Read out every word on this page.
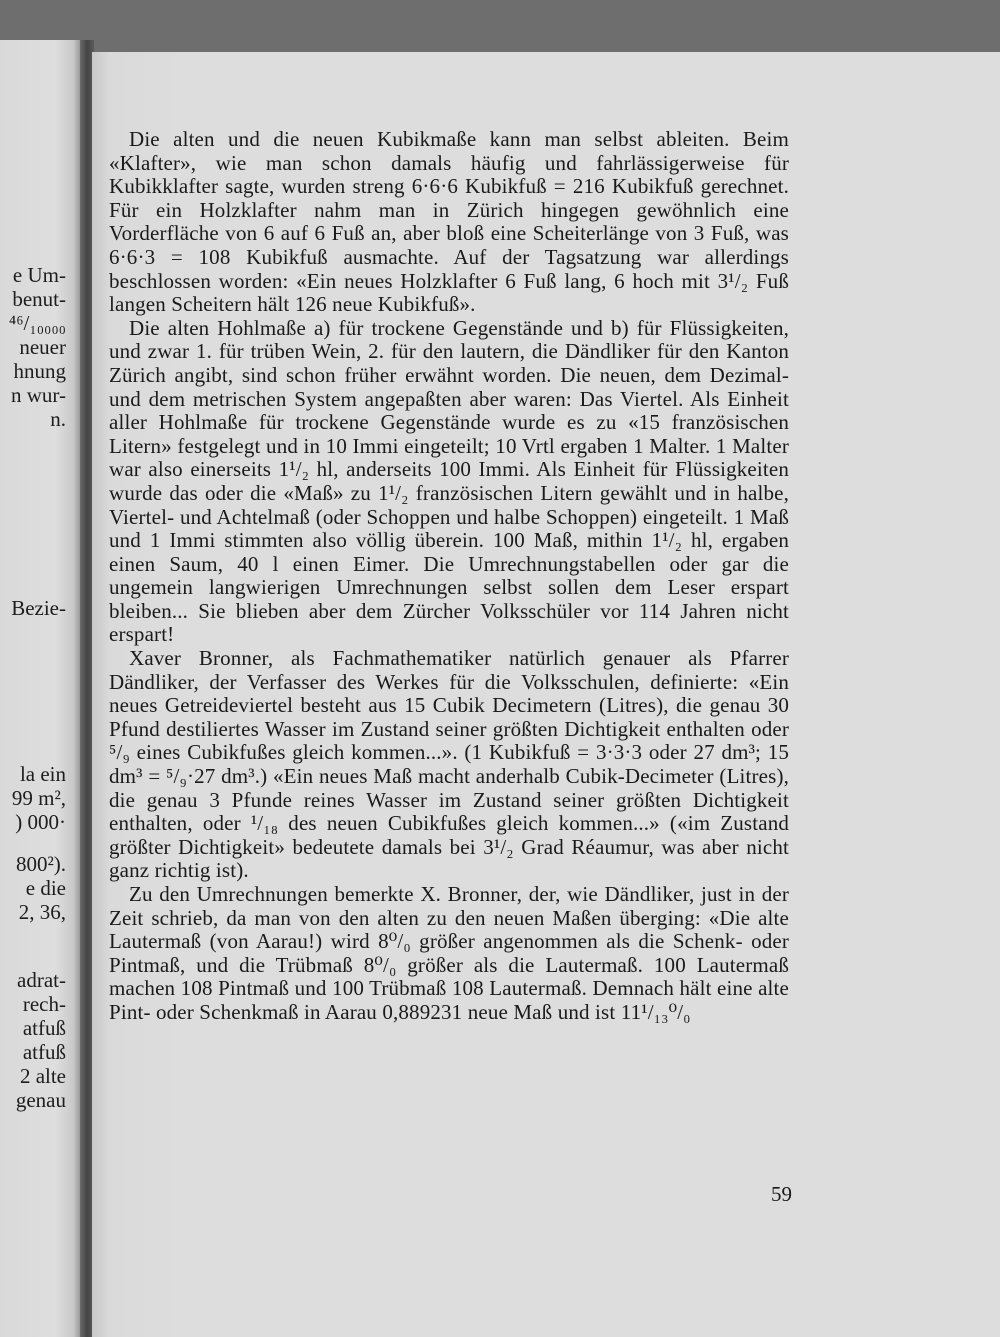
e Um-
benut-
⁴⁶/₁₀₀₀₀
neuer
hnung
n wur-
n.
Bezie-
la ein
99 m²,
) 000·
800²).
e die
2, 36,
adrat-
rech-
atfuß
atfuß
2 alte
genau

Die alten und die neuen Kubikmaße kann man selbst ableiten. Beim «Klafter», wie man schon damals häufig und fahrlässigerweise für Kubikklafter sagte, wurden streng 6·6·6 Kubikfuß = 216 Kubikfuß gerechnet. Für ein Holzklafter nahm man in Zürich hingegen gewöhnlich eine Vorderfläche von 6 auf 6 Fuß an, aber bloß eine Scheiterlänge von 3 Fuß, was 6·6·3 = 108 Kubikfuß ausmachte. Auf der Tagsatzung war allerdings beschlossen worden: «Ein neues Holzklafter 6 Fuß lang, 6 hoch mit 3¹/₂ Fuß langen Scheitern hält 126 neue Kubikfuß».

Die alten Hohlmaße a) für trockene Gegenstände und b) für Flüssigkeiten, und zwar 1. für trüben Wein, 2. für den lautern, die Dändliker für den Kanton Zürich angibt, sind schon früher erwähnt worden. Die neuen, dem Dezimal- und dem metrischen System angepaßten aber waren: Das Viertel. Als Einheit aller Hohlmaße für trockene Gegenstände wurde es zu «15 französischen Litern» festgelegt und in 10 Immi eingeteilt; 10 Vrtl ergaben 1 Malter. 1 Malter war also einerseits 1¹/₂ hl, anderseits 100 Immi. Als Einheit für Flüssigkeiten wurde das oder die «Maß» zu 1¹/₂ französischen Litern gewählt und in halbe, Viertel- und Achtelmaß (oder Schoppen und halbe Schoppen) eingeteilt. 1 Maß und 1 Immi stimmten also völlig überein. 100 Maß, mithin 1¹/₂ hl, ergaben einen Saum, 40 l einen Eimer. Die Umrechnungstabellen oder gar die ungemein langwierigen Umrechnungen selbst sollen dem Leser erspart bleiben... Sie blieben aber dem Zürcher Volksschüler vor 114 Jahren nicht erspart!

Xaver Bronner, als Fachmathematiker natürlich genauer als Pfarrer Dändliker, der Verfasser des Werkes für die Volksschulen, definierte: «Ein neues Getreideviertel besteht aus 15 Cubik Decimetern (Litres), die genau 30 Pfund destiliertes Wasser im Zustand seiner größten Dichtigkeit enthalten oder ⁵/₉ eines Cubikfußes gleich kommen...». (1 Kubikfuß = 3·3·3 oder 27 dm³; 15 dm³ = ⁵/₉·27 dm³.) «Ein neues Maß macht anderhalb Cubik-Decimeter (Litres), die genau 3 Pfunde reines Wasser im Zustand seiner größten Dichtigkeit enthalten, oder ¹/₁₈ des neuen Cubikfußes gleich kommen...» («im Zustand größter Dichtigkeit» bedeutete damals bei 3¹/₂ Grad Réaumur, was aber nicht ganz richtig ist).

Zu den Umrechnungen bemerkte X. Bronner, der, wie Dändliker, just in der Zeit schrieb, da man von den alten zu den neuen Maßen überging: «Die alte Lautermaß (von Aarau!) wird 8⁰/₀ größer angenommen als die Schenk- oder Pintmaß, und die Trübmaß 8⁰/₀ größer als die Lautermaß. 100 Lautermaß machen 108 Pintmaß und 100 Trübmaß 108 Lautermaß. Demnach hält eine alte Pint- oder Schenkmaß in Aarau 0,889231 neue Maß und ist 11¹/₁₃⁰/₀

59
